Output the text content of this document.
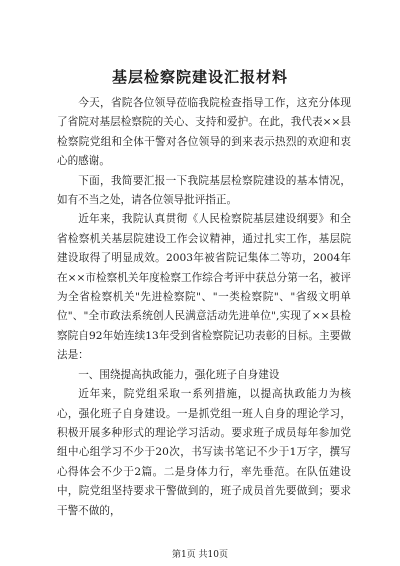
基层检察院建设汇报材料

今天，省院各位领导莅临我院检查指导工作，这充分体现了省院对基层检察院的关心、支持和爱护。在此，我代表××县检察院党组和全体干警对各位领导的到来表示热烈的欢迎和衷心的感谢。

下面，我简要汇报一下我院基层检察院建设的基本情况，如有不当之处，请各位领导批评指正。

近年来，我院认真贯彻《人民检察院基层建设纲要》和全省检察机关基层院建设工作会议精神，通过扎实工作，基层院建设取得了明显成效。2003年被省院记集体二等功，2004年在××市检察机关年度检察工作综合考评中获总分第一名，被评为全省检察机关"先进检察院"、"一类检察院"、"省级文明单位"、"全市政法系统创人民满意活动先进单位",实现了××县检察院自92年始连续13年受到省检察院记功表彰的目标。主要做法是：

一、围绕提高执政能力，强化班子自身建设

近年来，院党组采取一系列措施，以提高执政能力为核心，强化班子自身建设。一是抓党组一班人自身的理论学习，积极开展多种形式的理论学习活动。要求班子成员每年参加党组中心组学习不少于20次，书写读书笔记不少于1万字，撰写心得体会不少于2篇。二是身体力行，率先垂范。在队伍建设中，院党组坚持要求干警做到的，班子成员首先要做到；要求干警不做的，

第1页 共10页
